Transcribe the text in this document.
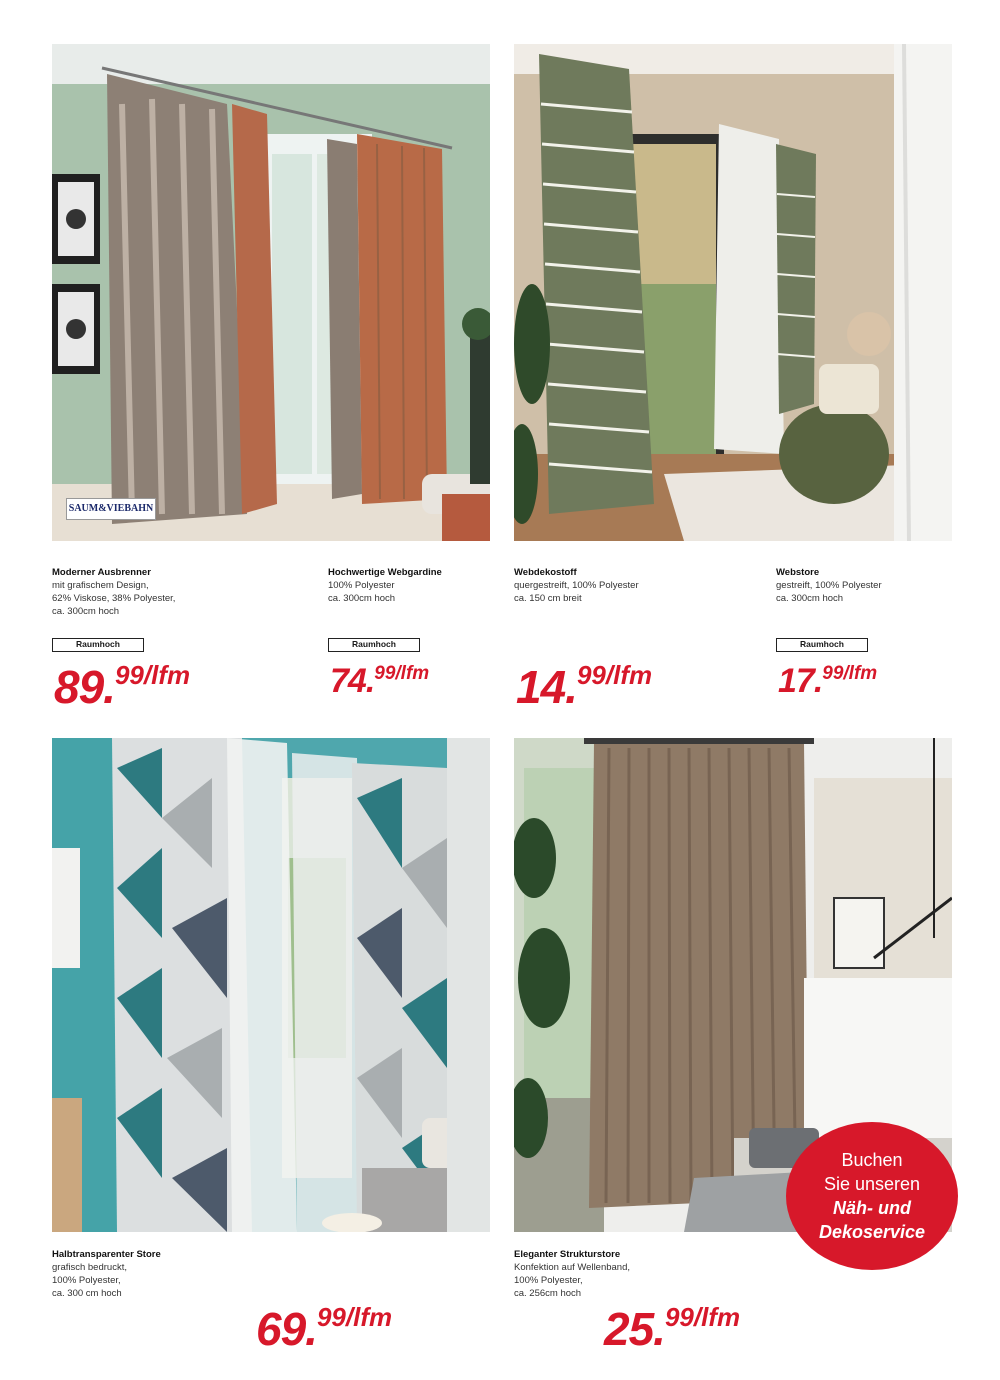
SAUM&VIEBAHN
Moderner Ausbrenner
mit grafischem Design,
62% Viskose, 38% Polyester,
ca. 300cm hoch
Raumhoch
89.99/lfm
Hochwertige Webgardine
100% Polyester
ca. 300cm hoch
Raumhoch
74.99/lfm
Webdekostoff
quergestreift, 100% Polyester
ca. 150 cm breit
14.99/lfm
Webstore
gestreift, 100% Polyester
ca. 300cm hoch
Raumhoch
17.99/lfm
Halbtransparenter Store
grafisch bedruckt,
100% Polyester,
ca. 300 cm hoch
69.99/lfm
Eleganter Strukturstore
Konfektion auf Wellenband,
100% Polyester,
ca. 256cm hoch
25.99/lfm
Buchen
Sie unseren
Näh- und
Dekoservice
